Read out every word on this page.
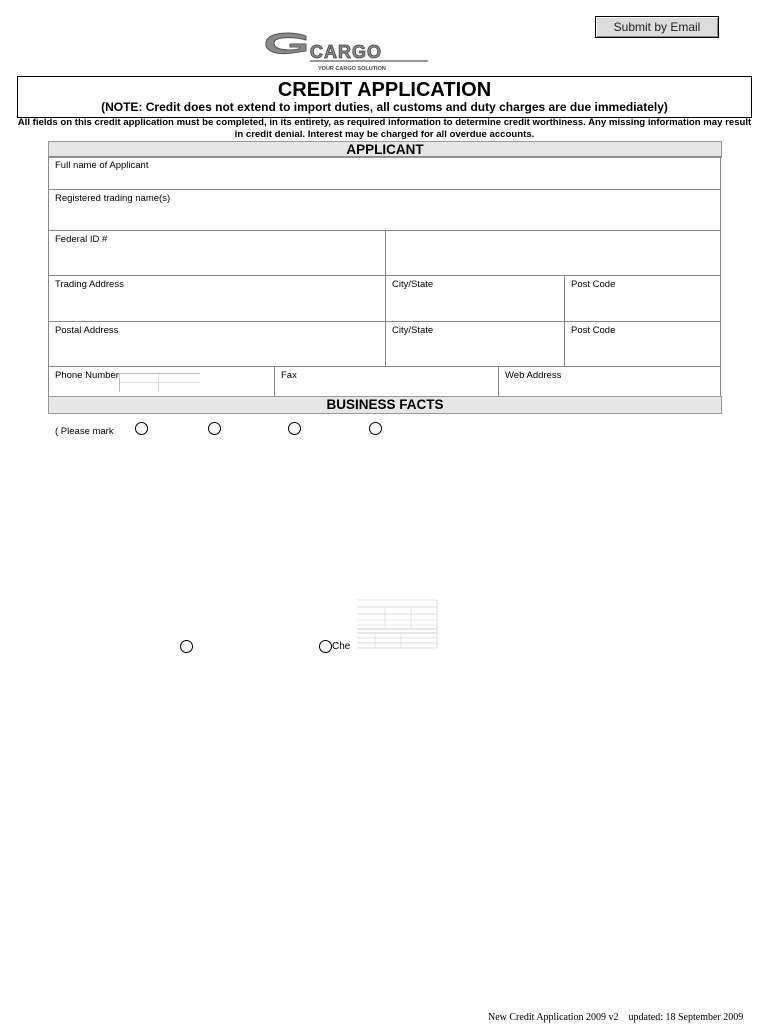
Submit by Email
CARGO
YOUR CARGO SOLUTION
CREDIT APPLICATION
(NOTE: Credit does not extend to import duties, all customs and duty charges are due immediately)
All fields on this credit application must be completed, in its entirety, as required information to determine credit worthiness. Any missing information may result in credit denial. Interest may be charged for all overdue accounts.
APPLICANT
Full name of Applicant
Registered trading name(s)
Federal ID #
Trading Address	City/State	Post Code
Postal Address	City/State	Post Code
Phone Number	Fax	Web Address
BUSINESS FACTS
( Please mark
Che
New Credit Application 2009 v2    updated: 18 September 2009
